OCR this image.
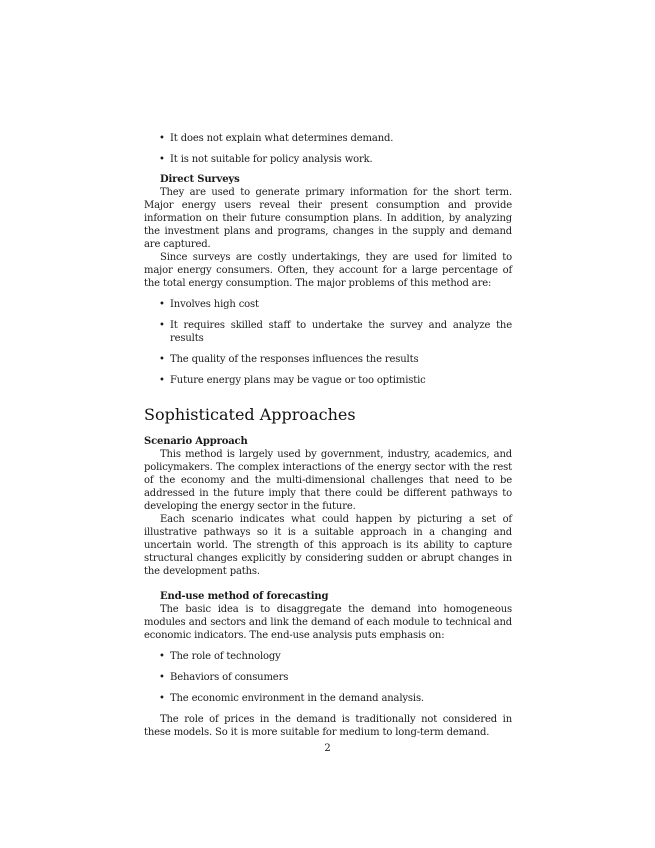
• It does not explain what determines demand.
• It is not suitable for policy analysis work.
Direct Surveys

They are used to generate primary information for the short term. Major energy users reveal their present consumption and provide information on their future consumption plans. In addition, by analyzing the investment plans and programs, changes in the supply and demand are captured.

Since surveys are costly undertakings, they are used for limited to major energy consumers. Often, they account for a large percentage of the total energy consumption. The major problems of this method are:

• Involves high cost
• It requires skilled staff to undertake the survey and analyze the results
• The quality of the responses influences the results
• Future energy plans may be vague or too optimistic
Sophisticated Approaches
Scenario Approach

This method is largely used by government, industry, academics, and policymakers. The complex interactions of the energy sector with the rest of the economy and the multi-dimensional challenges that need to be addressed in the future imply that there could be different pathways to developing the energy sector in the future.

Each scenario indicates what could happen by picturing a set of illustrative pathways so it is a suitable approach in a changing and uncertain world. The strength of this approach is its ability to capture structural changes explicitly by considering sudden or abrupt changes in the development paths.

End-use method of forecasting

The basic idea is to disaggregate the demand into homogeneous modules and sectors and link the demand of each module to technical and economic indicators. The end-use analysis puts emphasis on:

• The role of technology
• Behaviors of consumers
• The economic environment in the demand analysis.

The role of prices in the demand is traditionally not considered in these models. So it is more suitable for medium to long-term demand.

2
